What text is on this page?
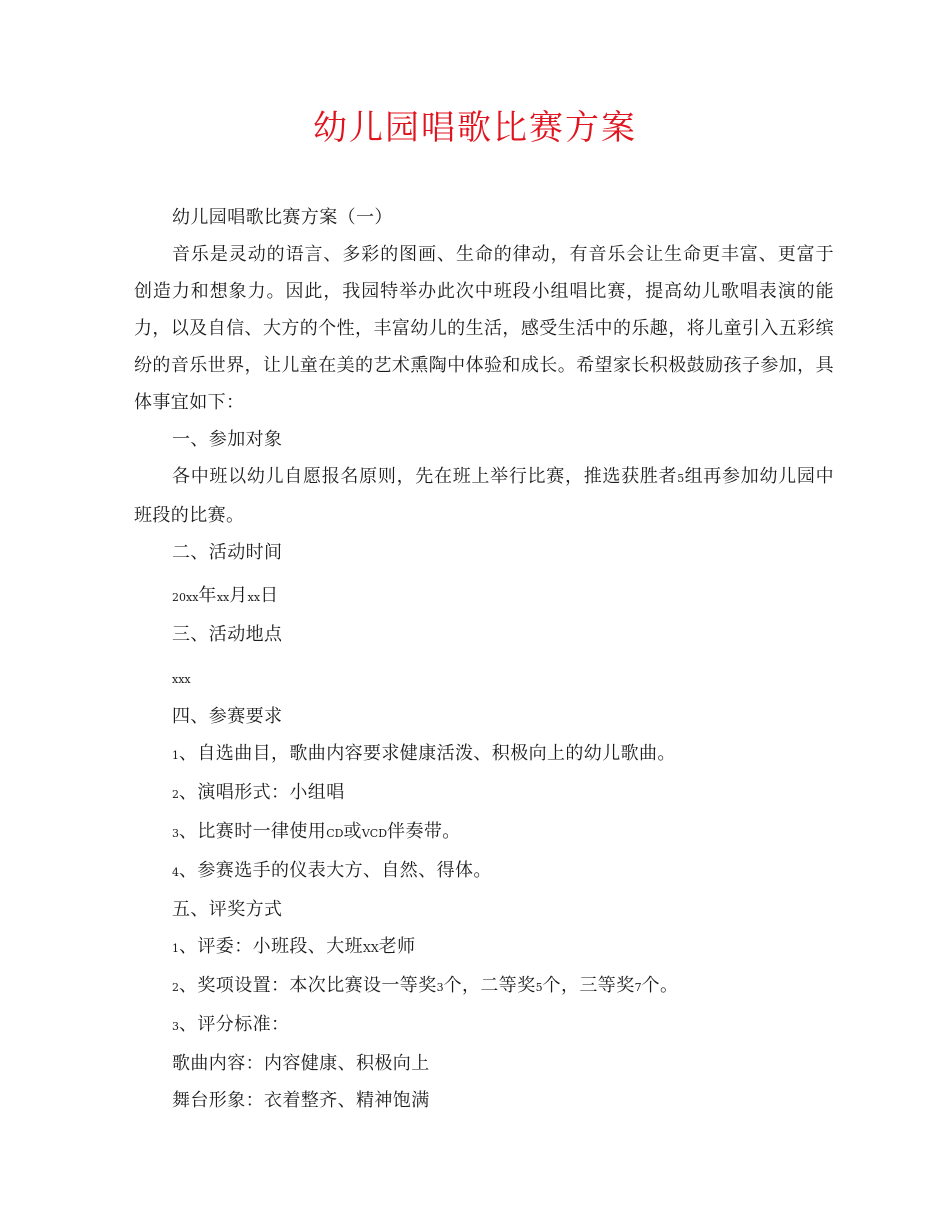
幼儿园唱歌比赛方案

幼儿园唱歌比赛方案（一）

音乐是灵动的语言、多彩的图画、生命的律动，有音乐会让生命更丰富、更富于创造力和想象力。因此，我园特举办此次中班段小组唱比赛，提高幼儿歌唱表演的能力，以及自信、大方的个性，丰富幼儿的生活，感受生活中的乐趣，将儿童引入五彩缤纷的音乐世界，让儿童在美的艺术熏陶中体验和成长。希望家长积极鼓励孩子参加，具体事宜如下：

一、参加对象

各中班以幼儿自愿报名原则，先在班上举行比赛，推选获胜者5组再参加幼儿园中班段的比赛。

二、活动时间

20xx年xx月xx日

三、活动地点

xxx

四、参赛要求

1、自选曲目，歌曲内容要求健康活泼、积极向上的幼儿歌曲。

2、演唱形式：小组唱

3、比赛时一律使用CD或VCD伴奏带。

4、参赛选手的仪表大方、自然、得体。

五、评奖方式

1、评委：小班段、大班XX老师

2、奖项设置：本次比赛设一等奖3个，二等奖5个，三等奖7个。

3、评分标准：

歌曲内容：内容健康、积极向上

舞台形象：衣着整齐、精神饱满
